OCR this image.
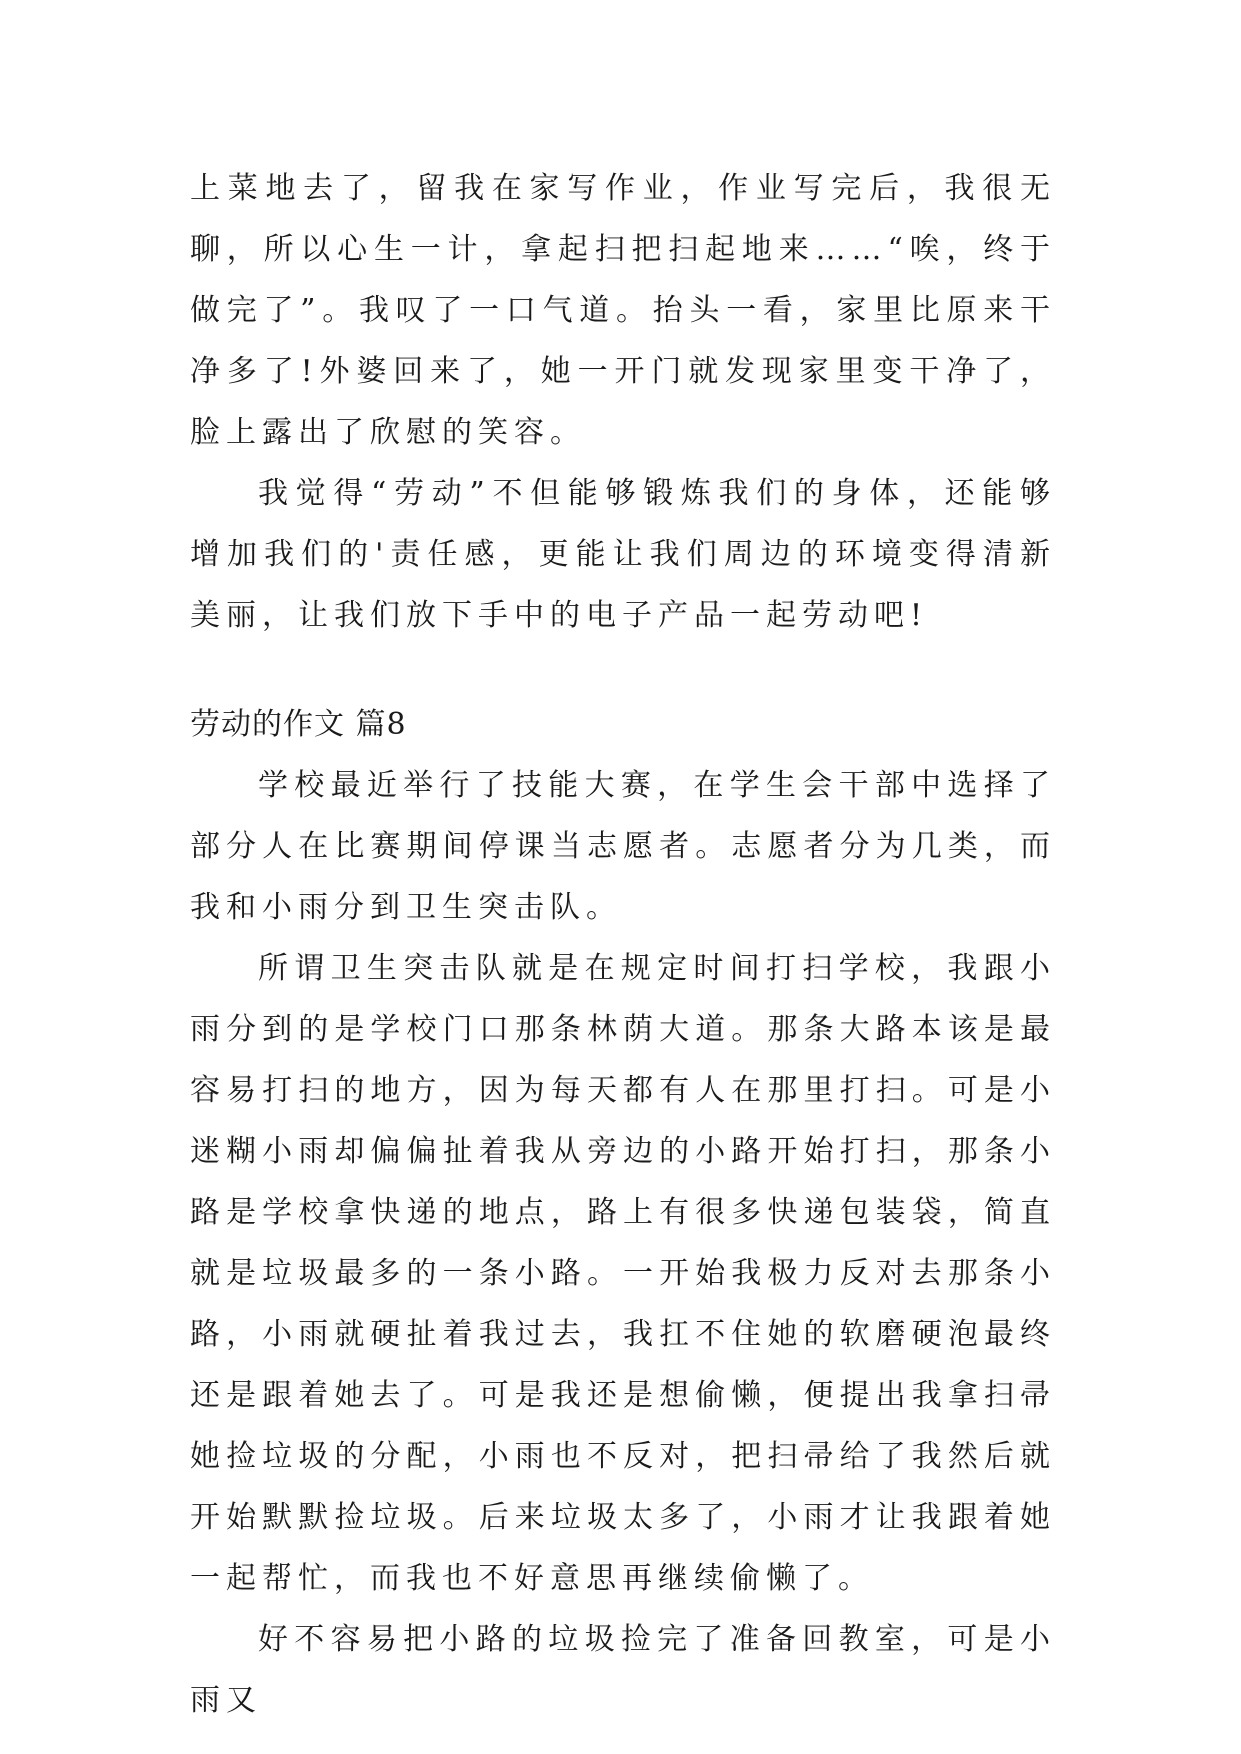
上菜地去了，留我在家写作业，作业写完后，我很无聊，所以心生一计，拿起扫把扫起地来……“唉，终于做完了”。我叹了一口气道。抬头一看，家里比原来干净多了!外婆回来了，她一开门就发现家里变干净了，脸上露出了欣慰的笑容。

我觉得“劳动”不但能够锻炼我们的身体，还能够增加我们的'责任感，更能让我们周边的环境变得清新美丽，让我们放下手中的电子产品一起劳动吧!

劳动的作文 篇8

学校最近举行了技能大赛，在学生会干部中选择了部分人在比赛期间停课当志愿者。志愿者分为几类，而我和小雨分到卫生突击队。

所谓卫生突击队就是在规定时间打扫学校，我跟小雨分到的是学校门口那条林荫大道。那条大路本该是最容易打扫的地方，因为每天都有人在那里打扫。可是小迷糊小雨却偏偏扯着我从旁边的小路开始打扫，那条小路是学校拿快递的地点，路上有很多快递包装袋，简直就是垃圾最多的一条小路。一开始我极力反对去那条小路，小雨就硬扯着我过去，我扛不住她的软磨硬泡最终还是跟着她去了。可是我还是想偷懒，便提出我拿扫帚她捡垃圾的分配，小雨也不反对，把扫帚给了我然后就开始默默捡垃圾。后来垃圾太多了，小雨才让我跟着她一起帮忙，而我也不好意思再继续偷懒了。

好不容易把小路的垃圾捡完了准备回教室，可是小雨又
